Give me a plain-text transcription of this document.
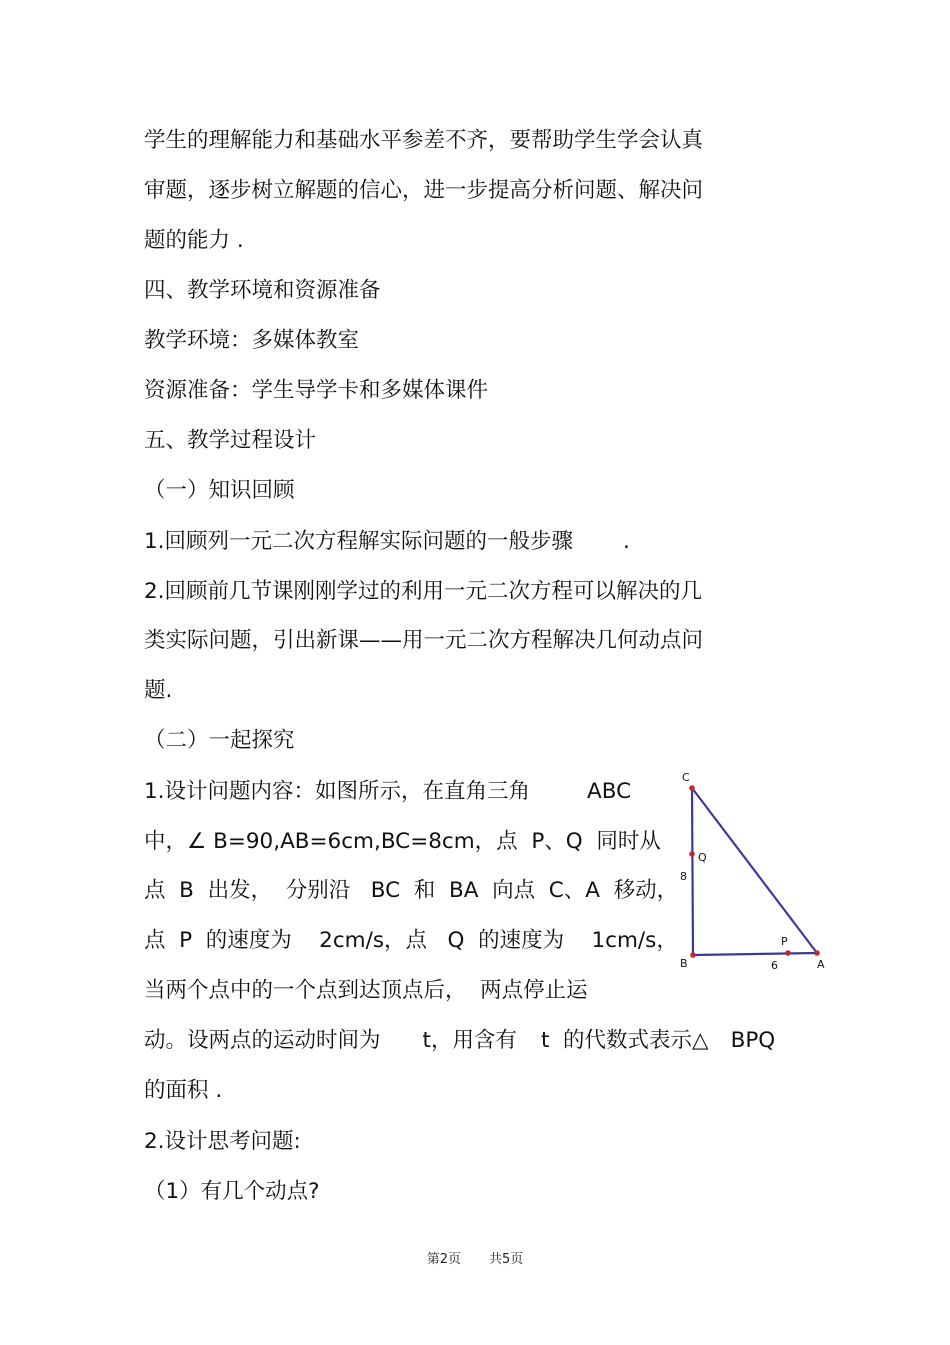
学生的理解能力和基础水平参差不齐，要帮助学生学会认真

审题，逐步树立解题的信心，进一步提高分析问题、解决问

题的能力 .

四、教学环境和资源准备

教学环境：多媒体教室

资源准备：学生导学卡和多媒体课件

五、教学过程设计

（一）知识回顾

1.回顾列一元二次方程解实际问题的一般步骤 .

2.回顾前几节课刚刚学过的利用一元二次方程可以解决的几

类实际问题，引出新课——用一元二次方程解决几何动点问

题.

（二）一起探究

1.设计问题内容：如图所示，在直角三角	ABC

中，∠ B=90,AB=6cm,BC=8cm，点  P、Q  同时从

点  B  出发，  分别沿   BC  和  BA  向点  C、A  移动，

点  P  的速度为    2cm/s，点   Q  的速度为    1cm/s，

当两个点中的一个点到达顶点后，  两点停止运

动。设两点的运动时间为 t，用含有 t  的代数式表示△ BPQ

的面积 .

2.设计思考问题:

（1）有几个动点?

C
Q
8
P
B	6	A
第2页 共5页
